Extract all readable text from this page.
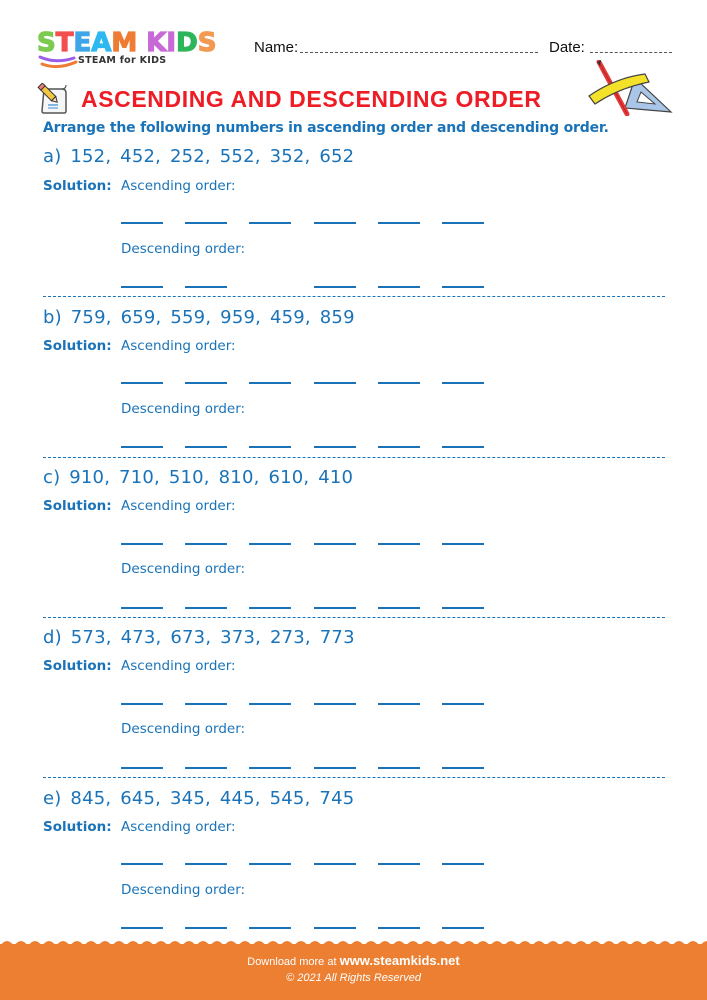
STEAM KIDS
STEAM for KIDS
Name:	Date:
ASCENDING AND DESCENDING ORDER
Arrange the following numbers in ascending order and descending order.
a) 152, 452, 252, 552, 352, 652
Solution: Ascending order:
Descending order:
b) 759, 659, 559, 959, 459, 859
Solution: Ascending order:
Descending order:
c) 910, 710, 510, 810, 610, 410
Solution: Ascending order:
Descending order:
d) 573, 473, 673, 373, 273, 773
Solution: Ascending order:
Descending order:
e) 845, 645, 345, 445, 545, 745
Solution: Ascending order:
Descending order:
Download more at www.steamkids.net
© 2021 All Rights Reserved
